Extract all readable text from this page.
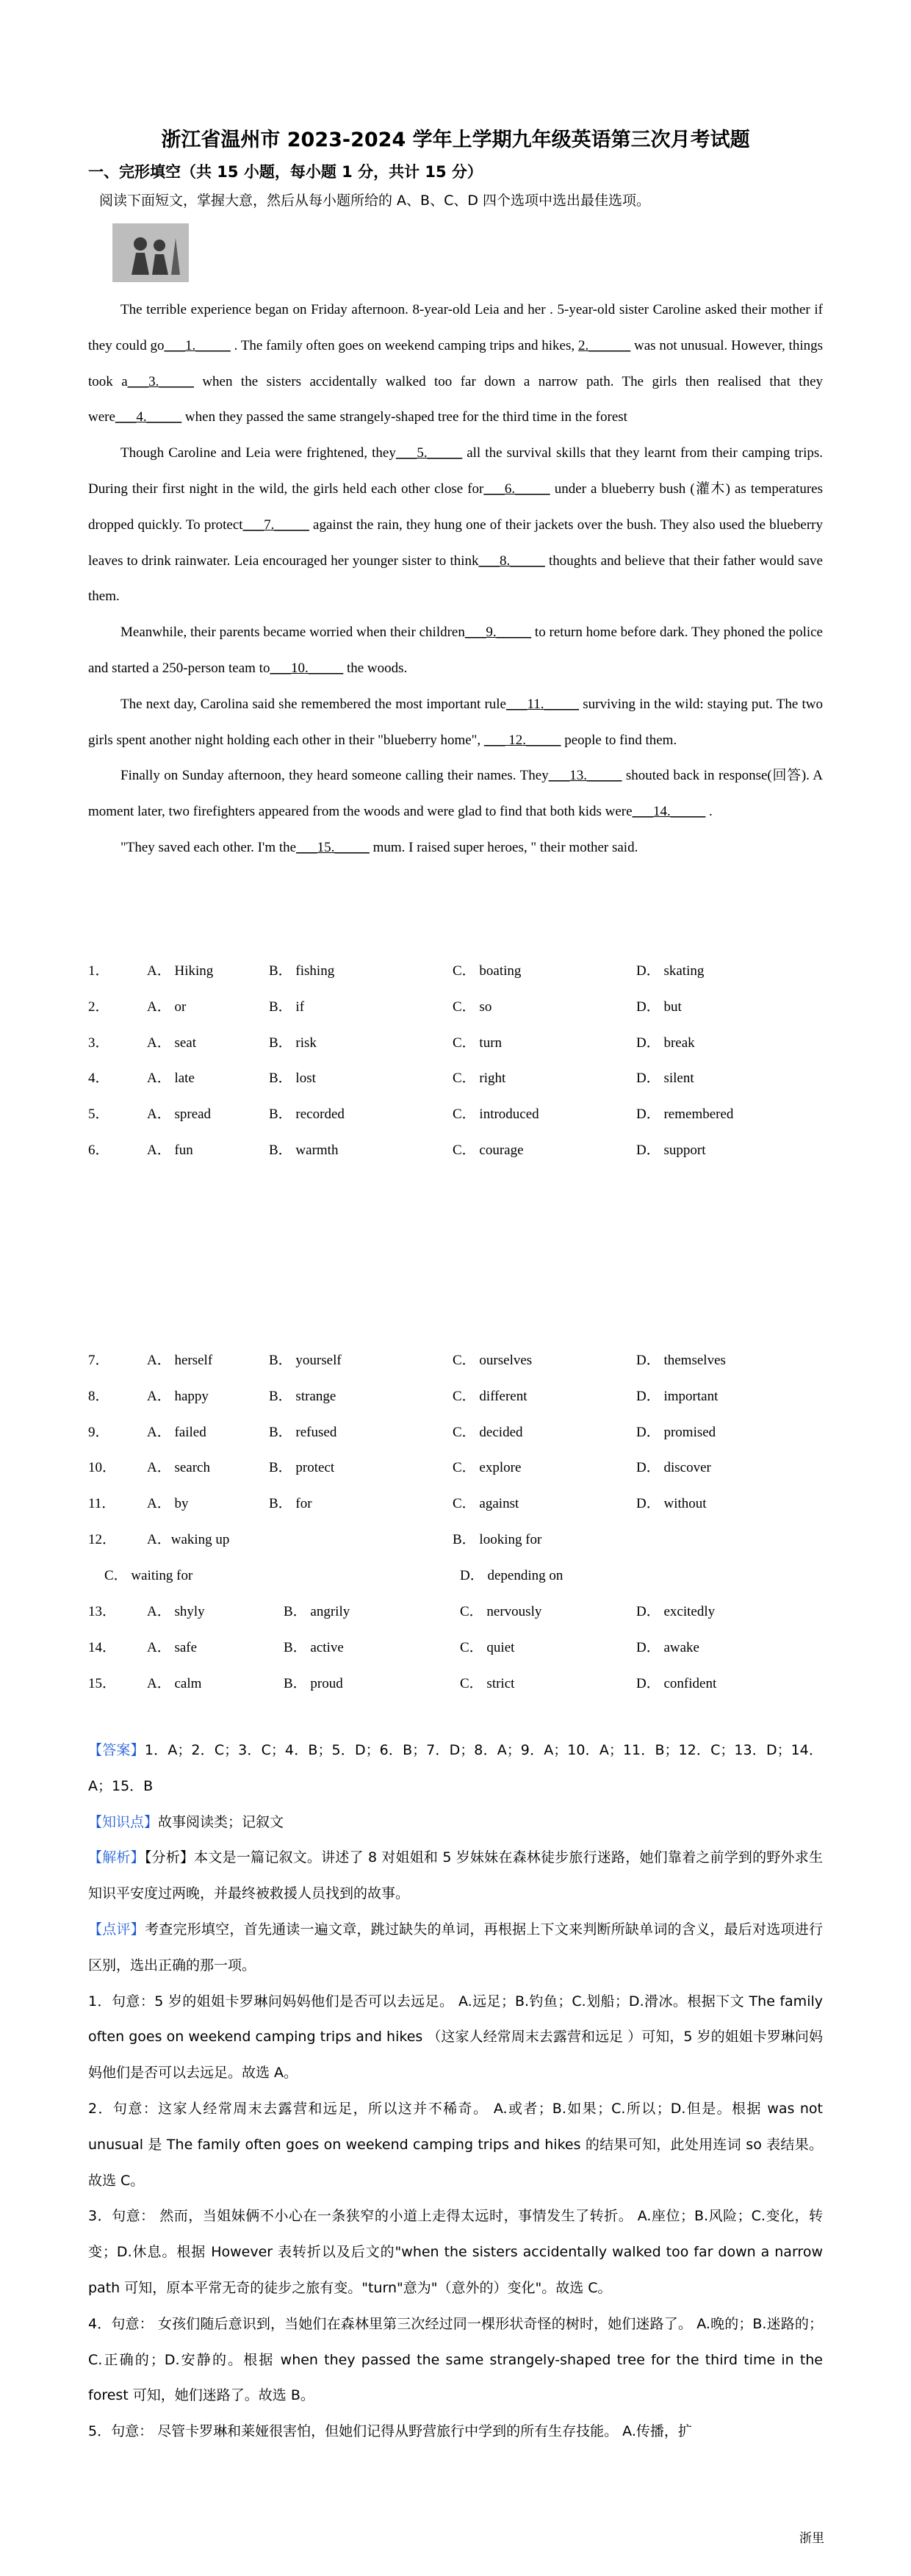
浙江省温州市 2023-2024 学年上学期九年级英语第三次月考试题
一、完形填空（共 15 小题，每小题 1 分，共计 15 分）
阅读下面短文，掌握大意，然后从每小题所给的 A、B、C、D 四个选项中选出最佳选项。

The terrible experience began on Friday afternoon. 8-year-old Leia and her . 5-year-old sister Caroline asked their mother if they could go___1._____ . The family often goes on weekend camping trips and hikes, 2.______ was not unusual. However, things took a___3._____ when the sisters accidentally walked too far down a narrow path. The girls then realised that they were___4._____ when they passed the same strangely-shaped tree for the third time in the forest

Though Caroline and Leia were frightened, they___5._____ all the survival skills that they learnt from their camping trips. During their first night in the wild, the girls held each other close for___6._____ under a blueberry bush (灌木) as temperatures dropped quickly. To protect___7._____ against the rain, they hung one of their jackets over the bush. They also used the blueberry leaves to drink rainwater. Leia encouraged her younger sister to think___8._____ thoughts and believe that their father would save them.

Meanwhile, their parents became worried when their children___9._____ to return home before dark. They phoned the police and started a 250-person team to___10._____ the woods.

The next day, Carolina said she remembered the most important rule___11._____ surviving in the wild: staying put. The two girls spent another night holding each other in their "blueberry home", ___ 12._____ people to find them.

Finally on Sunday afternoon, they heard someone calling their names. They___13._____ shouted back in response(回答). A moment later, two firefighters appeared from the woods and were glad to find that both kids were___14._____ .

"They saved each other. I'm the___15._____ mum. I raised super heroes, " their mother said.

1．	A． Hiking	B． fishing	C． boating	D． skating
2．	A． or	B． if	C． so	D． but
3．	A． seat	B． risk	C． turn	D． break
4．	A． late	B． lost	C． right	D． silent
5．	A． spread	B． recorded	C． introduced	D． remembered
6．	A． fun	B． warmth	C． courage	D． support
7．	A． herself	B． yourself	C． ourselves	D． themselves
8．	A． happy	B． strange	C． different	D． important
9．	A． failed	B． refused	C． decided	D． promised
10． A． search	B． protect	C． explore	D． discover
11． A． by	B． for	C． against	D． without
12． A．waking up	B． looking for
C． waiting for	D． depending on
13． A． shyly	B． angrily	C． nervously	D． excitedly
14． A． safe	B． active	C． quiet	D． awake
15． A． calm	B． proud	C． strict	D． confident

【答案】1．A；2．C；3．C；4．B；5．D；6．B；7．D；8．A；9．A；10．A；11．B；12．C；13．D；14．A；15．B

【知识点】故事阅读类；记叙文

【解析】【分析】本文是一篇记叙文。讲述了 8 对姐姐和 5 岁妹妹在森林徒步旅行迷路，她们靠着之前学到的野外求生知识平安度过两晚，并最终被救援人员找到的故事。

【点评】考查完形填空，首先通读一遍文章，跳过缺失的单词，再根据上下文来判断所缺单词的含义，最后对选项进行区别，选出正确的那一项。

1．句意：5 岁的姐姐卡罗琳问妈妈他们是否可以去远足。 A.远足；B.钓鱼；C.划船；D.滑冰。根据下文 The family often goes on weekend camping trips and hikes （这家人经常周末去露营和远足 ）可知，5 岁的姐姐卡罗琳问妈妈他们是否可以去远足。故选 A。

2．句意：这家人经常周末去露营和远足，所以这并不稀奇。 A.或者；B.如果；C.所以；D.但是。根据 was not unusual 是 The family often goes on weekend camping trips and hikes 的结果可知，此处用连词 so 表结果。故选 C。

3．句意： 然而，当姐妹俩不小心在一条狭窄的小道上走得太远时，事情发生了转折。 A.座位；B.风险；C.变化，转变；D.休息。根据 However 表转折以及后文的"when the sisters accidentally walked too far down a narrow path 可知，原本平常无奇的徒步之旅有变。"turn"意为"（意外的）变化"。故选 C。

4．句意： 女孩们随后意识到，当她们在森林里第三次经过同一棵形状奇怪的树时，她们迷路了。 A.晚的；B.迷路的；C.正确的；D.安静的。根据 when they passed the same strangely-shaped tree for the third time in the forest 可知，她们迷路了。故选 B。

5．句意： 尽管卡罗琳和莱娅很害怕，但她们记得从野营旅行中学到的所有生存技能。 A.传播，扩

浙里
